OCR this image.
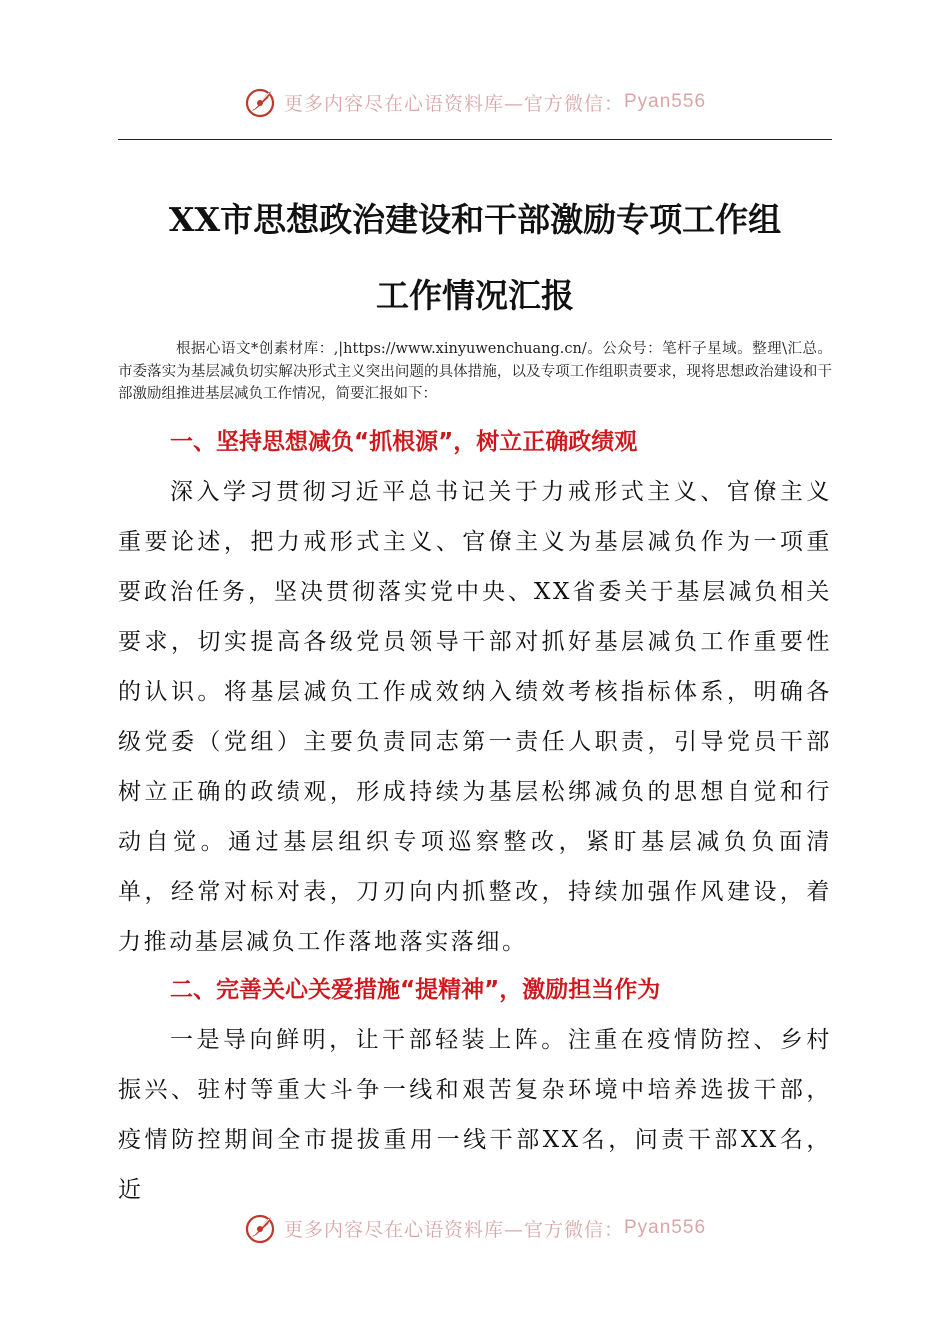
更多内容尽在心语资料库—官方微信： Pyan556
XX市思想政治建设和干部激励专项工作组
工作情况汇报

根据心语文*创素材库：,|https://www.xinyuwenchuang.cn/。公众号：笔杆子星域。整理\汇总。市委落实为基层减负切实解决形式主义突出问题的具体措施，以及专项工作组职责要求，现将思想政治建设和干部激励组推进基层减负工作情况，简要汇报如下：

一、坚持思想减负“抓根源”，树立正确政绩观

深入学习贯彻习近平总书记关于力戒形式主义、官僚主义重要论述，把力戒形式主义、官僚主义为基层减负作为一项重要政治任务，坚决贯彻落实党中央、XX省委关于基层减负相关要求，切实提高各级党员领导干部对抓好基层减负工作重要性的认识。将基层减负工作成效纳入绩效考核指标体系，明确各级党委（党组）主要负责同志第一责任人职责，引导党员干部树立正确的政绩观，形成持续为基层松绑减负的思想自觉和行动自觉。通过基层组织专项巡察整改，紧盯基层减负负面清单，经常对标对表，刀刃向内抓整改，持续加强作风建设，着力推动基层减负工作落地落实落细。

二、完善关心关爱措施“提精神”，激励担当作为

一是导向鲜明，让干部轻装上阵。注重在疫情防控、乡村振兴、驻村等重大斗争一线和艰苦复杂环境中培养选拔干部，疫情防控期间全市提拔重用一线干部XX名，问责干部XX名，近

更多内容尽在心语资料库—官方微信： Pyan556
